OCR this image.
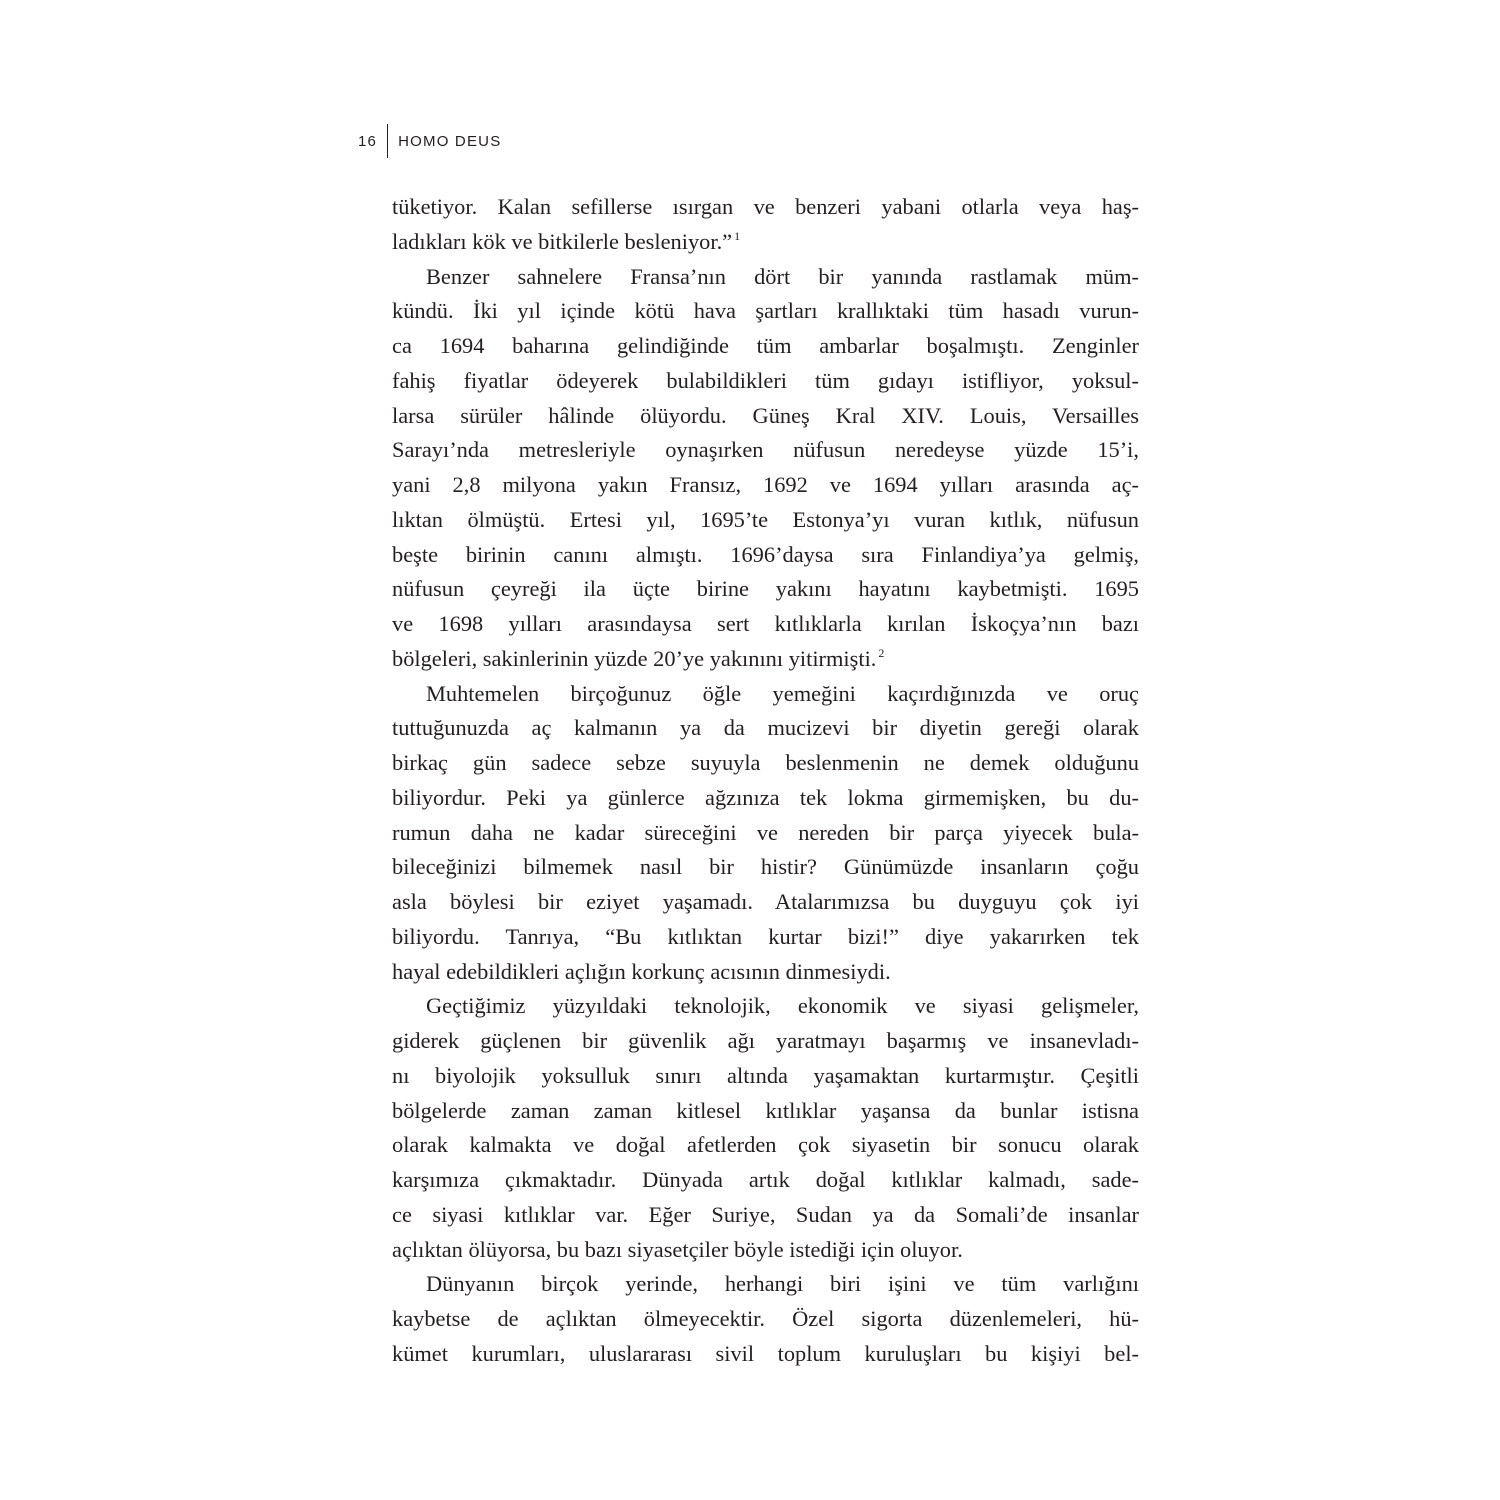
16 HOMO DEUS
tüketiyor. Kalan sefillerse ısırgan ve benzeri yabani otlarla veya haş-
ladıkları kök ve bitkilerle besleniyor.” $^1$
Benzer sahnelere Fransa’nın dört bir yanında rastlamak müm-
kündü. İki yıl içinde kötü hava şartları krallıktaki tüm hasadı vurun-
ca 1694 baharına gelindiğinde tüm ambarlar boşalmıştı. Zenginler
fahiş fiyatlar ödeyerek bulabildikleri tüm gıdayı istifliyor, yoksul-
larsa sürüler hâlinde ölüyordu. Güneş Kral XIV. Louis, Versailles
Sarayı’nda metresleriyle oynaşırken nüfusun neredeyse yüzde 15’i,
yani 2,8 milyona yakın Fransız, 1692 ve 1694 yılları arasında aç-
lıktan ölmüştü. Ertesi yıl, 1695’te Estonya’yı vuran kıtlık, nüfusun
beşte birinin canını almıştı. 1696’daysa sıra Finlandiya’ya gelmiş,
nüfusun çeyreği ila üçte birine yakını hayatını kaybetmişti. 1695
ve 1698 yılları arasındaysa sert kıtlıklarla kırılan İskoçya’nın bazı
bölgeleri, sakinlerinin yüzde 20’ye yakınını yitirmişti. $^2$
Muhtemelen birçoğunuz öğle yemeğini kaçırdığınızda ve oruç
tuttuğunuzda aç kalmanın ya da mucizevi bir diyetin gereği olarak
birkaç gün sadece sebze suyuyla beslenmenin ne demek olduğunu
biliyordur. Peki ya günlerce ağzınıza tek lokma girmemişken, bu du-
rumun daha ne kadar süreceğini ve nereden bir parça yiyecek bula-
bileceğinizi bilmemek nasıl bir histir? Günümüzde insanların çoğu
asla böylesi bir eziyet yaşamadı. Atalarımızsa bu duyguyu çok iyi
biliyordu. Tanrıya, “Bu kıtlıktan kurtar bizi!” diye yakarırken tek
hayal edebildikleri açlığın korkunç acısının dinmesiydi.
Geçtiğimiz yüzyıldaki teknolojik, ekonomik ve siyasi gelişmeler,
giderek güçlenen bir güvenlik ağı yaratmayı başarmış ve insanevladı-
nı biyolojik yoksulluk sınırı altında yaşamaktan kurtarmıştır. Çeşitli
bölgelerde zaman zaman kitlesel kıtlıklar yaşansa da bunlar istisna
olarak kalmakta ve doğal afetlerden çok siyasetin bir sonucu olarak
karşımıza çıkmaktadır. Dünyada artık doğal kıtlıklar kalmadı, sade-
ce siyasi kıtlıklar var. Eğer Suriye, Sudan ya da Somali’de insanlar
açlıktan ölüyorsa, bu bazı siyasetçiler böyle istediği için oluyor.
Dünyanın birçok yerinde, herhangi biri işini ve tüm varlığını
kaybetse de açlıktan ölmeyecektir. Özel sigorta düzenlemeleri, hü-
kümet kurumları, uluslararası sivil toplum kuruluşları bu kişiyi bel-
